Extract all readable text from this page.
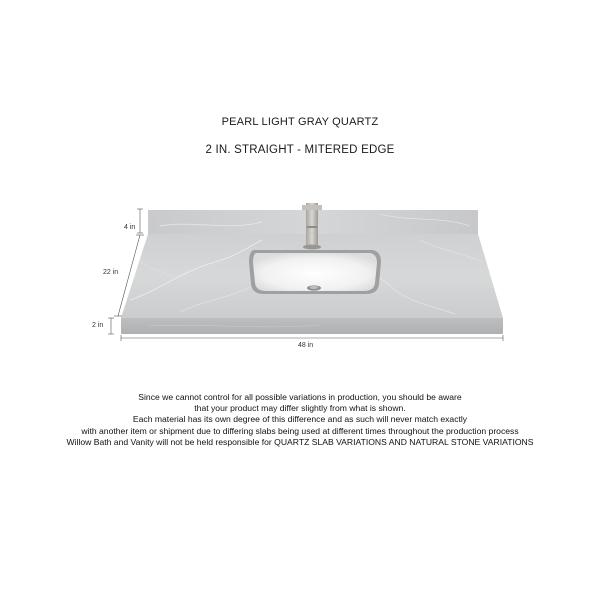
PEARL LIGHT GRAY QUARTZ
2 IN. STRAIGHT - MITERED EDGE
4 in
22 in
2 in
48 in
Since we cannot control for all possible variations in production, you should be aware
that your product may differ slightly from what is shown.
Each material has its own degree of this difference and as such will never match exactly
with another item or shipment due to differing slabs being used at different times throughout the production process
Willow Bath and Vanity will not be held responsible for QUARTZ SLAB VARIATIONS AND NATURAL STONE VARIATIONS
